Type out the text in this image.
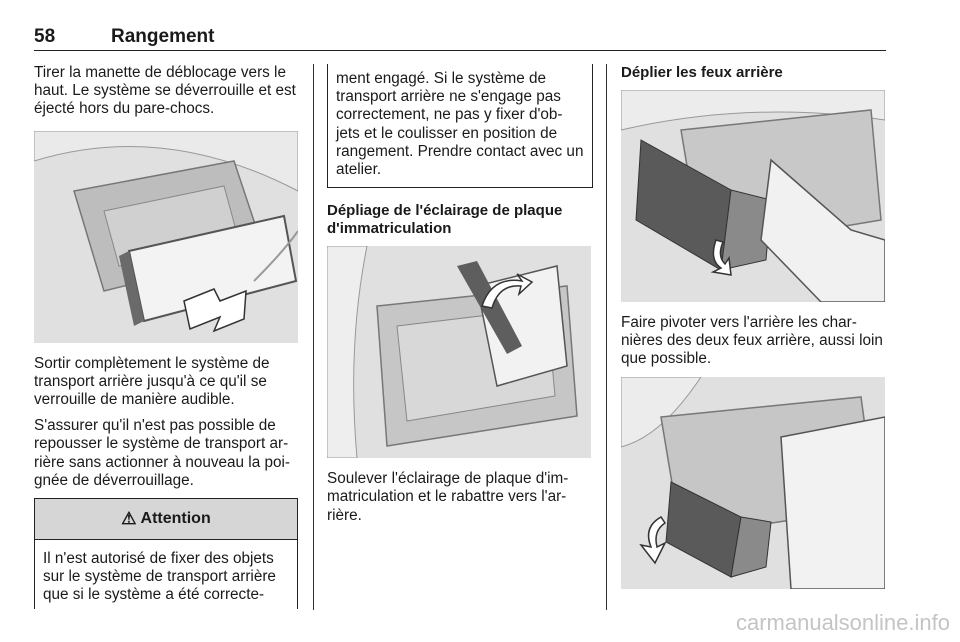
58	Rangement

Tirer la manette de déblocage vers le haut. Le système se déverrouille et est éjecté hors du pare-chocs.

Sortir complètement le système de transport arrière jusqu'à ce qu'il se verrouille de manière audible.

S'assurer qu'il n'est pas possible de repousser le système de transport ar-rière sans actionner à nouveau la poi-gnée de déverrouillage.

⚠ Attention

Il n'est autorisé de fixer des objets sur le système de transport arrière que si le système a été correcte-

ment engagé. Si le système de transport arrière ne s'engage pas correctement, ne pas y fixer d'ob-jets et le coulisser en position de rangement. Prendre contact avec un atelier.

Dépliage de l'éclairage de plaque d'immatriculation

Soulever l'éclairage de plaque d'im-matriculation et le rabattre vers l'ar-rière.

Déplier les feux arrière

Faire pivoter vers l'arrière les char-nières des deux feux arrière, aussi loin que possible.

carmanualsonline.info
